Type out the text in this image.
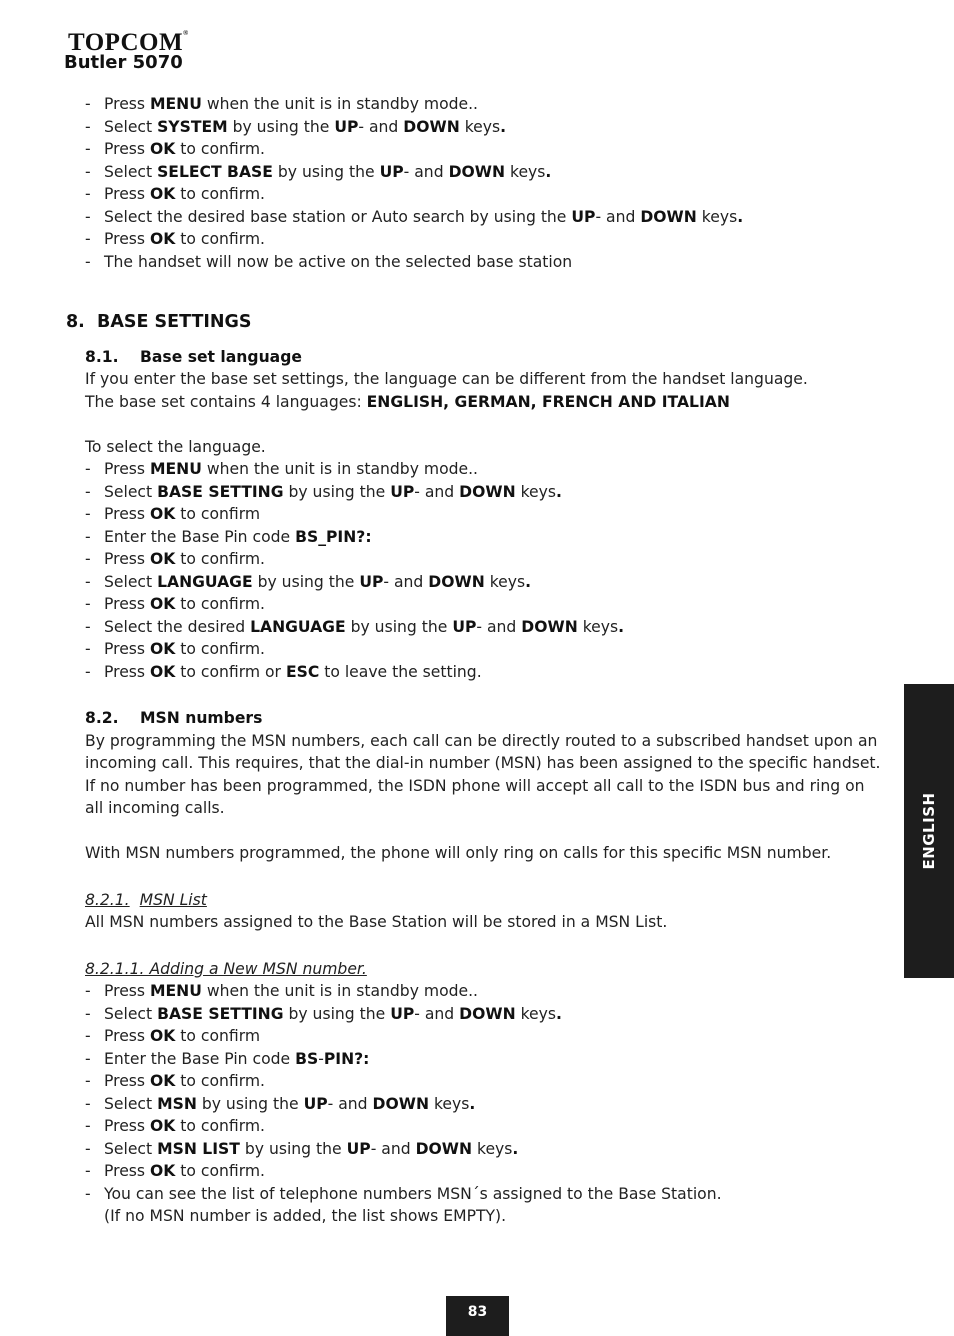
TOPCOM®
Butler 5070
- Press MENU when the unit is in standby mode..
- Select SYSTEM by using the UP- and DOWN keys.
- Press OK to confirm.
- Select SELECT BASE by using the UP- and DOWN keys.
- Press OK to confirm.
- Select the desired base station or Auto search by using the UP- and DOWN keys.
- Press OK to confirm.
- The handset will now be active on the selected base station
8. BASE SETTINGS
8.1. Base set language
If you enter the base set settings, the language can be different from the handset language.
The base set contains 4 languages: ENGLISH, GERMAN, FRENCH AND ITALIAN
To select the language.
- Press MENU when the unit is in standby mode..
- Select BASE SETTING by using the UP- and DOWN keys.
- Press OK to confirm
- Enter the Base Pin code BS_PIN?:
- Press OK to confirm.
- Select LANGUAGE by using the UP- and DOWN keys.
- Press OK to confirm.
- Select the desired LANGUAGE by using the UP- and DOWN keys.
- Press OK to confirm.
- Press OK to confirm or ESC to leave the setting.
8.2. MSN numbers
By programming the MSN numbers, each call can be directly routed to a subscribed handset upon an
incoming call. This requires, that the dial-in number (MSN) has been assigned to the specific handset.
If no number has been programmed, the ISDN phone will accept all call to the ISDN bus and ring on
all incoming calls.
With MSN numbers programmed, the phone will only ring on calls for this specific MSN number.
8.2.1. MSN List
All MSN numbers assigned to the Base Station will be stored in a MSN List.
8.2.1.1. Adding a New MSN number.
- Press MENU when the unit is in standby mode..
- Select BASE SETTING by using the UP- and DOWN keys.
- Press OK to confirm
- Enter the Base Pin code BS-PIN?:
- Press OK to confirm.
- Select MSN by using the UP- and DOWN keys.
- Press OK to confirm.
- Select MSN LIST by using the UP- and DOWN keys.
- Press OK to confirm.
- You can see the list of telephone numbers MSN´s assigned to the Base Station.
(If no MSN number is added, the list shows EMPTY).
ENGLISH
83
